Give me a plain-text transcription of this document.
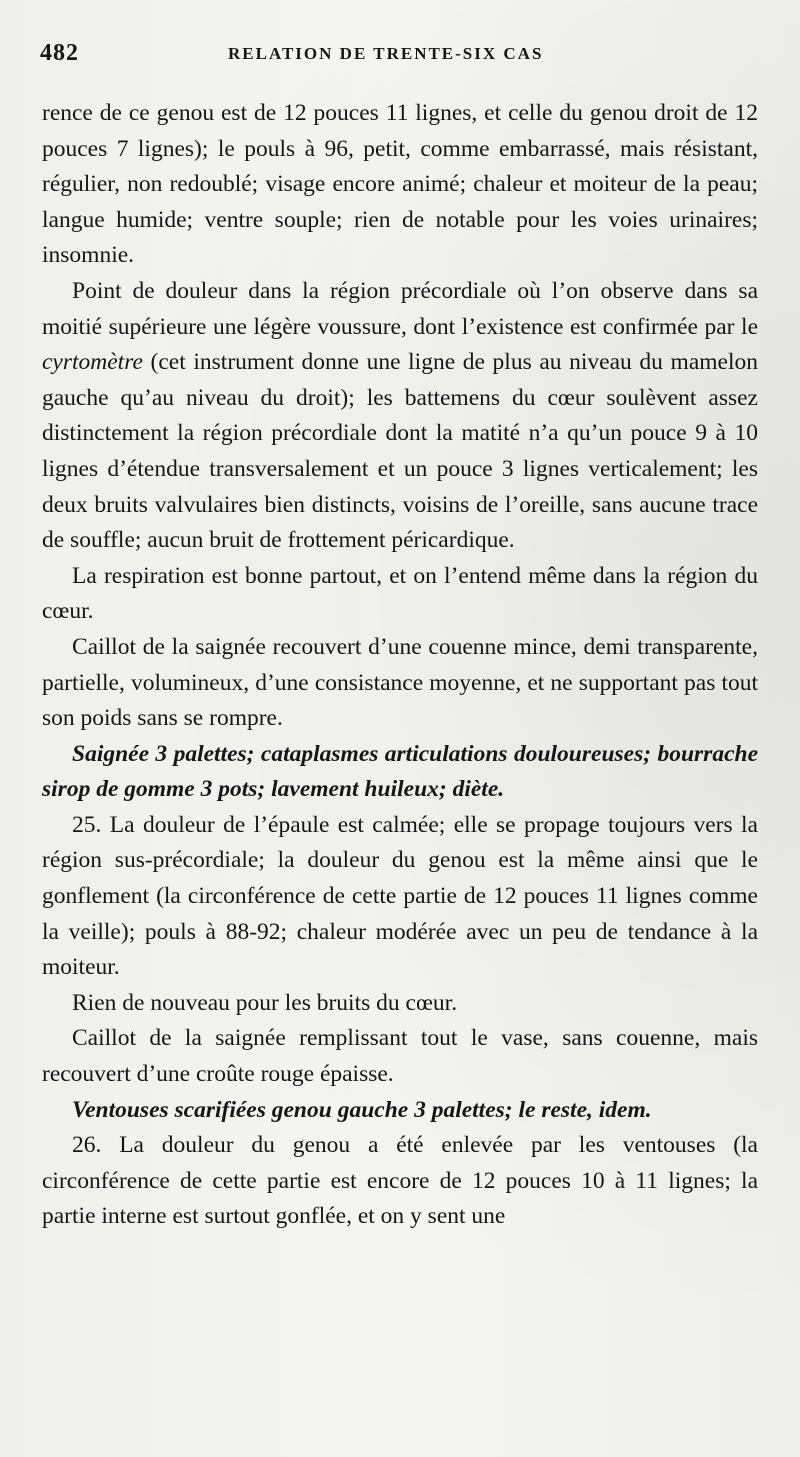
482	RELATION DE TRENTE-SIX CAS

rence de ce genou est de 12 pouces 11 lignes, et celle du genou droit de 12 pouces 7 lignes); le pouls à 96, petit, comme embarrassé, mais résistant, régulier, non redoublé; visage encore animé; chaleur et moiteur de la peau; langue humide; ventre souple; rien de notable pour les voies urinaires; insomnie.

Point de douleur dans la région précordiale où l’on observe dans sa moitié supérieure une légère voussure, dont l’existence est confirmée par le cyrtomètre (cet instrument donne une ligne de plus au niveau du mamelon gauche qu’au niveau du droit); les battemens du cœur soulèvent assez distinctement la région précordiale dont la matité n’a qu’un pouce 9 à 10 lignes d’étendue transversalement et un pouce 3 lignes verticalement; les deux bruits valvulaires bien distincts, voisins de l’oreille, sans aucune trace de souffle; aucun bruit de frottement péricardique.

La respiration est bonne partout, et on l’entend même dans la région du cœur.

Caillot de la saignée recouvert d’une couenne mince, demi transparente, partielle, volumineux, d’une consistance moyenne, et ne supportant pas tout son poids sans se rompre.

Saignée 3 palettes; cataplasmes articulations douloureuses; bourrache sirop de gomme 3 pots; lavement huileux; diète.

25. La douleur de l’épaule est calmée; elle se propage toujours vers la région sus-précordiale; la douleur du genou est la même ainsi que le gonflement (la circonférence de cette partie de 12 pouces 11 lignes comme la veille); pouls à 88-92; chaleur modérée avec un peu de tendance à la moiteur.

Rien de nouveau pour les bruits du cœur.

Caillot de la saignée remplissant tout le vase, sans couenne, mais recouvert d’une croûte rouge épaisse.

Ventouses scarifiées genou gauche 3 palettes; le reste, idem.

26. La douleur du genou a été enlevée par les ventouses (la circonférence de cette partie est encore de 12 pouces 10 à 11 lignes; la partie interne est surtout gonflée, et on y sent une
